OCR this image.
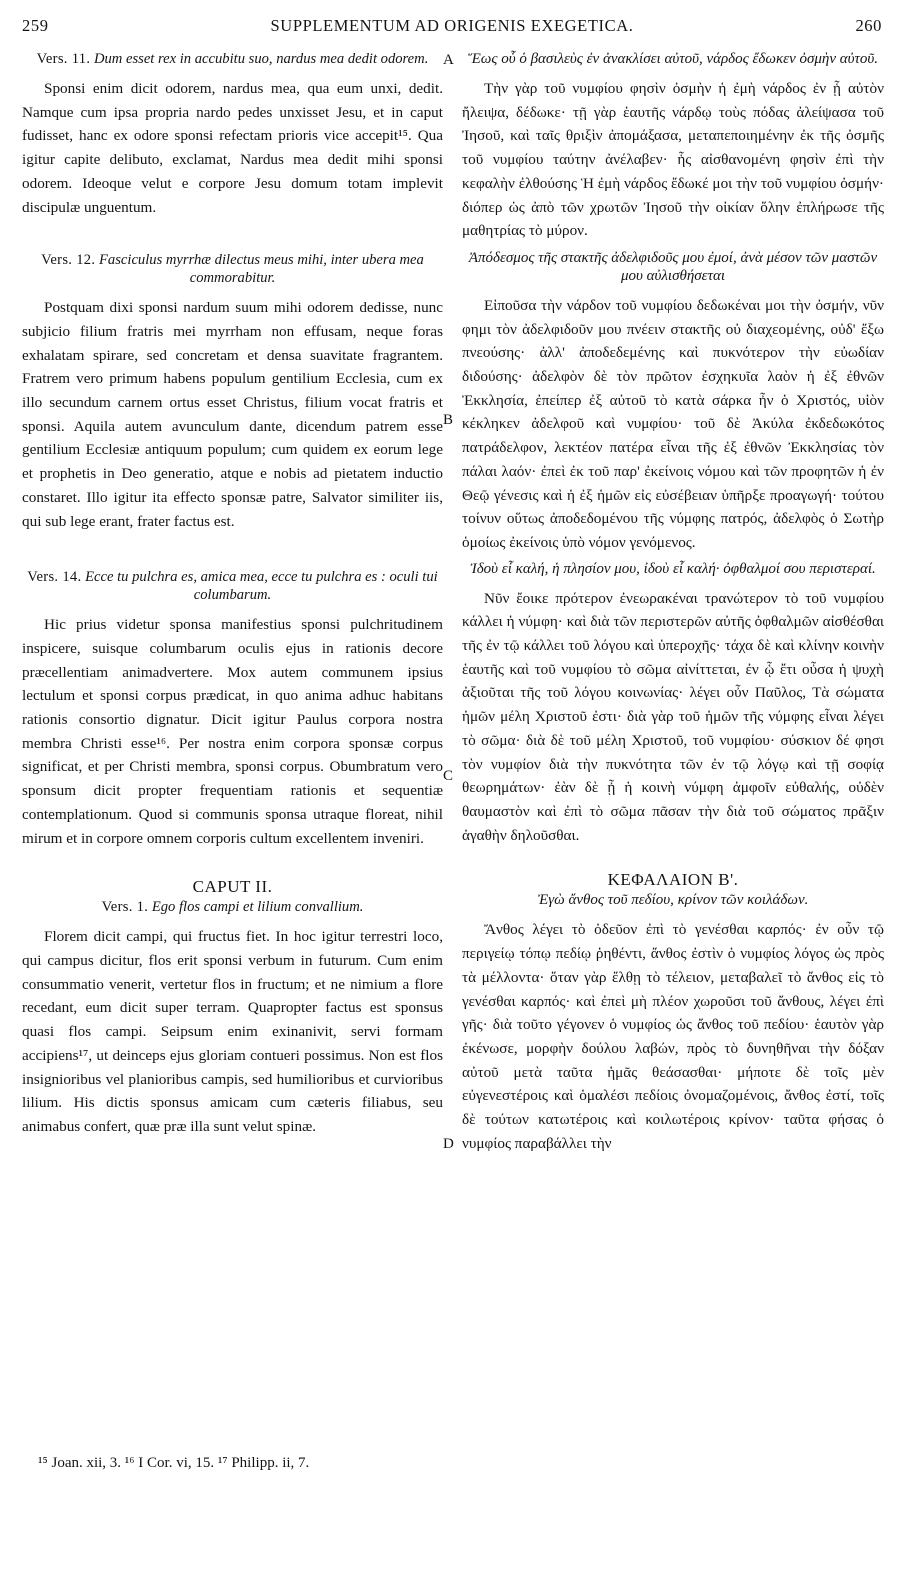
259	SUPPLEMENTUM AD ORIGENIS EXEGETICA.	260

Vers. 11. Dum esset rex in accubitu suo, nardus mea dedit odorem.

Sponsi enim dicit odorem, nardus mea, qua eum unxi, dedit. Namque cum ipsa propria nardo pedes unxisset Jesu, et in caput fudisset, hanc ex odore sponsi refectam prioris vice accepit¹⁵. Qua igitur capite delibuto, exclamat, Nardus mea dedit mihi sponsi odorem. Ideoque velut e corpore Jesu domum totam implevit discipulæ unguentum.

Vers. 12. Fasciculus myrrhæ dilectus meus mihi, inter ubera mea commorabitur.

Postquam dixi sponsi nardum suum mihi odorem dedisse, nunc subjicio filium fratris mei myrrham non effusam, neque foras exhalatam spirare, sed concretam et densa suavitate fragrantem. Fratrem vero primum habens populum gentilium Ecclesia, cum ex illo secundum carnem ortus esset Christus, filium vocat fratris et sponsi. Aquila autem avunculum dante, dicendum patrem esse gentilium Ecclesiæ antiquum populum; cum quidem ex eorum lege et prophetis in Deo generatio, atque e nobis ad pietatem inductio constaret. Illo igitur ita effecto sponsæ patre, Salvator similiter iis, qui sub lege erant, frater factus est.

Vers. 14. Ecce tu pulchra es, amica mea, ecce tu pulchra es : oculi tui columbarum.

Hic prius videtur sponsa manifestius sponsi pulchritudinem inspicere, suisque columbarum oculis ejus in rationis decore præcellentiam animadvertere. Mox autem communem ipsius lectulum et sponsi corpus prædicat, in quo anima adhuc habitans rationis consortio dignatur. Dicit igitur Paulus corpora nostra membra Christi esse¹⁶. Per nostra enim corpora sponsæ corpus significat, et per Christi membra, sponsi corpus. Obumbratum vero sponsum dicit propter frequentiam rationis et sequentiæ contemplationum. Quod si communis sponsa utraque floreat, nihil mirum et in corpore omnem corporis cultum excellentem inveniri.

CAPUT II.

Vers. 1. Ego flos campi et lilium convallium.

Florem dicit campi, qui fructus fiet. In hoc igitur terrestri loco, qui campus dicitur, flos erit sponsi verbum in futurum. Cum enim consummatio venerit, vertetur flos in fructum; et ne nimium a flore recedant, eum dicit super terram. Quapropter factus est sponsus quasi flos campi. Seipsum enim exinanivit, servi formam accipiens¹⁷, ut deinceps ejus gloriam contueri possimus. Non est flos insignioribus vel planioribus campis, sed humilioribus et curvioribus lilium. His dictis sponsus amicam cum cæteris filiabus, seu animabus confert, quæ præ illa sunt velut spinæ.

Ἕως οὗ ὁ βασιλεὺς ἐν ἀνακλίσει αὐτοῦ, νάρδος ἔδωκεν ὀσμὴν αὐτοῦ.

Τὴν γὰρ τοῦ νυμφίου φησὶν ὀσμὴν ἡ ἐμὴ νάρδος ἐν ᾗ αὐτὸν ἤλειψα, δέδωκε· τῇ γὰρ ἑαυτῆς νάρδῳ τοὺς πόδας ἀλείψασα τοῦ Ἰησοῦ, καὶ ταῖς θριξὶν ἀπομάξασα, μεταπεποιημένην ἐκ τῆς ὀσμῆς τοῦ νυμφίου ταύτην ἀνέλαβεν· ἧς αἰσθανομένη φησὶν ἐπὶ τὴν κεφαλὴν ἐλθούσης Ἡ ἐμὴ νάρδος ἔδωκέ μοι τὴν τοῦ νυμφίου ὀσμήν· διόπερ ὡς ἀπὸ τῶν χρωτῶν Ἰησοῦ τὴν οἰκίαν ὅλην ἐπλήρωσε τῆς μαθητρίας τὸ μύρον.

Ἀπόδεσμος τῆς στακτῆς ἀδελφιδοῦς μου ἐμοί, ἀνὰ μέσον τῶν μαστῶν μου αὐλισθήσεται

Εἰποῦσα τὴν νάρδον τοῦ νυμφίου δεδωκέναι μοι τὴν ὀσμήν, νῦν φημι τὸν ἀδελφιδοῦν μου πνέειν στακτῆς οὐ διαχεομένης, οὐδ' ἔξω πνεούσης· ἀλλ' ἀποδεδεμένης καὶ πυκνότερον τὴν εὐωδίαν διδούσης· ἀδελφὸν δὲ τὸν πρῶτον ἐσχηκυῖα λαὸν ἡ ἐξ ἐθνῶν Ἐκκλησία, ἐπείπερ ἐξ αὐτοῦ τὸ κατὰ σάρκα ἦν ὁ Χριστός, υἱὸν κέκληκεν ἀδελφοῦ καὶ νυμφίου· τοῦ δὲ Ἀκύλα ἐκδεδωκότος πατράδελφον, λεκτέον πατέρα εἶναι τῆς ἐξ ἐθνῶν Ἐκκλησίας τὸν πάλαι λαόν· ἐπεὶ ἐκ τοῦ παρ' ἐκείνοις νόμου καὶ τῶν προφητῶν ἡ ἐν Θεῷ γένεσις καὶ ἡ ἐξ ἡμῶν εἰς εὐσέβειαν ὑπῆρξε προαγωγή· τούτου τοίνυν οὕτως ἀποδεδομένου τῆς νύμφης πατρός, ἀδελφὸς ὁ Σωτὴρ ὁμοίως ἐκείνοις ὑπὸ νόμον γενόμενος.

Ἰδοὺ εἶ καλή, ἡ πλησίον μου, ἰδοὺ εἶ καλή· ὀφθαλμοί σου περιστεραί.

Νῦν ἔοικε πρότερον ἐνεωρακέναι τρανώτερον τὸ τοῦ νυμφίου κάλλει ἡ νύμφη· καὶ διὰ τῶν περιστερῶν αὐτῆς ὀφθαλμῶν αἰσθέσθαι τῆς ἐν τῷ κάλλει τοῦ λόγου καὶ ὑπεροχῆς· τάχα δὲ καὶ κλίνην κοινὴν ἑαυτῆς καὶ τοῦ νυμφίου τὸ σῶμα αἰνίττεται, ἐν ᾧ ἔτι οὖσα ἡ ψυχὴ ἀξιοῦται τῆς τοῦ λόγου κοινωνίας· λέγει οὖν Παῦλος, Τὰ σώματα ἡμῶν μέλη Χριστοῦ ἐστι· διὰ γὰρ τοῦ ἡμῶν τῆς νύμφης εἶναι λέγει τὸ σῶμα· διὰ δὲ τοῦ μέλη Χριστοῦ, τοῦ νυμφίου· σύσκιον δέ φησι τὸν νυμφίον διὰ τὴν πυκνότητα τῶν ἐν τῷ λόγῳ καὶ τῇ σοφίᾳ θεωρημάτων· ἐὰν δὲ ᾖ ἡ κοινὴ νύμφη ἀμφοῖν εὐθαλής, οὐδὲν θαυμαστὸν καὶ ἐπὶ τὸ σῶμα πᾶσαν τὴν διὰ τοῦ σώματος πρᾶξιν ἀγαθὴν δηλοῦσθαι.

ΚΕΦΑΛΑΙΟΝ Β'.

Ἐγὼ ἄνθος τοῦ πεδίου, κρίνον τῶν κοιλάδων.

Ἄνθος λέγει τὸ ὀδεῦον ἐπὶ τὸ γενέσθαι καρπός· ἐν οὖν τῷ περιγείῳ τόπῳ πεδίῳ ῥηθέντι, ἄνθος ἐστὶν ὁ νυμφίος λόγος ὡς πρὸς τὰ μέλλοντα· ὅταν γὰρ ἔλθῃ τὸ τέλειον, μεταβαλεῖ τὸ ἄνθος εἰς τὸ γενέσθαι καρπός· καὶ ἐπεὶ μὴ πλέον χωροῦσι τοῦ ἄνθους, λέγει ἐπὶ γῆς· διὰ τοῦτο γέγονεν ὁ νυμφίος ὡς ἄνθος τοῦ πεδίου· ἑαυτὸν γὰρ ἐκένωσε, μορφὴν δούλου λαβών, πρὸς τὸ δυνηθῆναι τὴν δόξαν αὐτοῦ μετὰ ταῦτα ἡμᾶς θεάσασθαι· μήποτε δὲ τοῖς μὲν εὐγενεστέροις καὶ ὁμαλέσι πεδίοις ὀνομαζομένοις, ἄνθος ἐστί, τοῖς δὲ τούτων κατωτέροις καὶ κοιλωτέροις κρίνον· ταῦτα φήσας ὁ νυμφίος παραβάλλει τὴν

A
B
C
D
¹⁵ Joan. xii, 3. ¹⁶ I Cor. vi, 15. ¹⁷ Philipp. ii, 7.
